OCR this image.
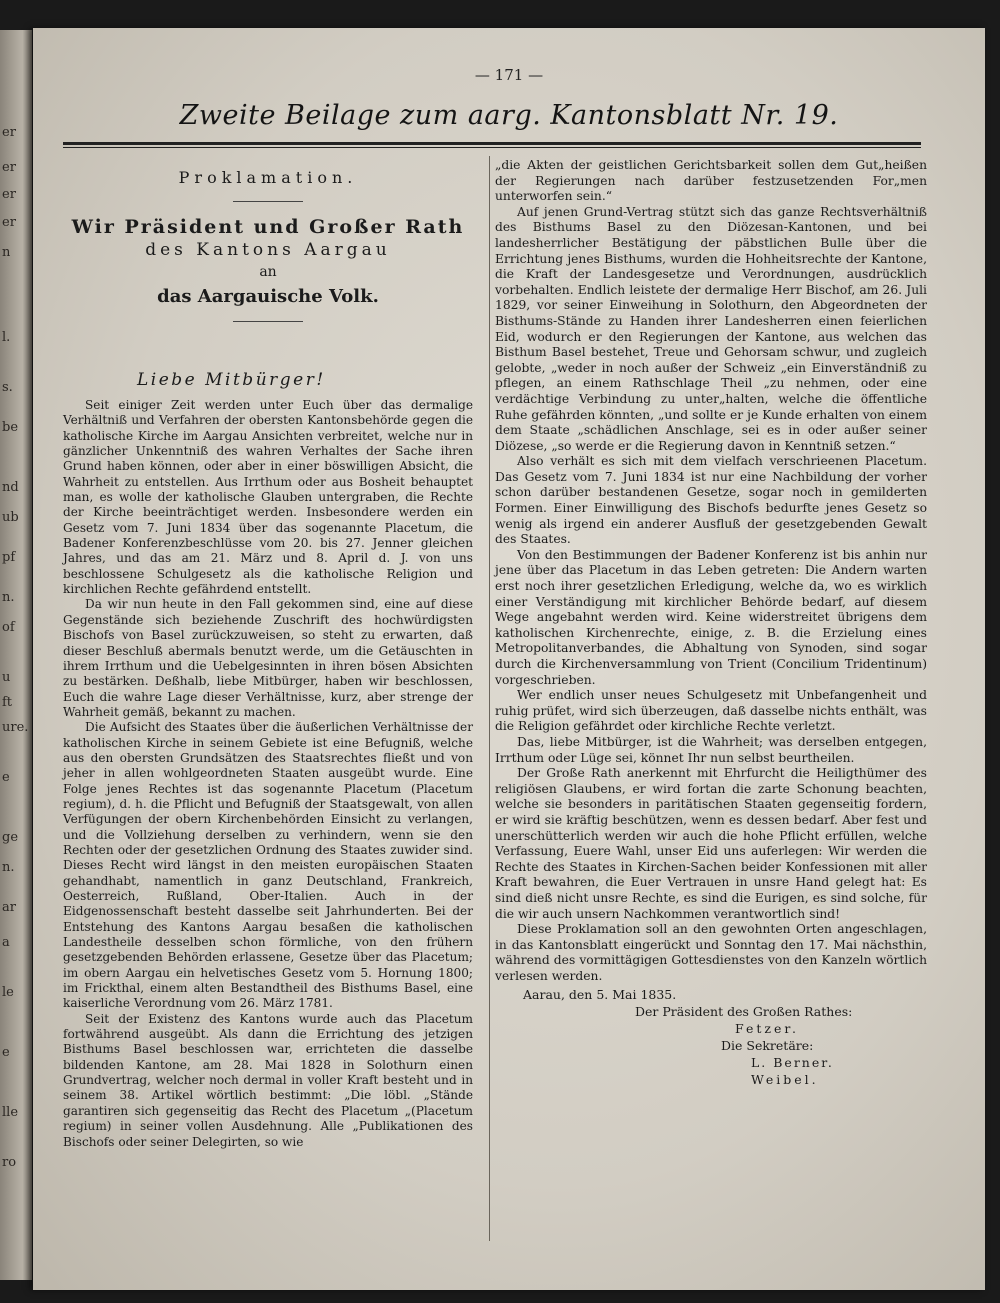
er
er
er
er
n
l.
s.
be
nd
ub
pf
n.
of
u
ft
ure.
e
ge
n.
ar
a
le
e
lle
ro
— 171 —
Zweite Beilage zum aarg. Kantonsblatt Nr. 19.
Proklamation.
Wir Präsident und Großer Rath
des Kantons Aargau
an
das Aargauische Volk.
Liebe Mitbürger!

Seit einiger Zeit werden unter Euch über das dermalige Verhältniß und Verfahren der obersten Kantonsbehörde gegen die katholische Kirche im Aargau Ansichten verbreitet, welche nur in gänzlicher Unkenntniß des wahren Verhaltes der Sache ihren Grund haben können, oder aber in einer böswilligen Absicht, die Wahrheit zu entstellen. Aus Irrthum oder aus Bosheit behauptet man, es wolle der katholische Glauben untergraben, die Rechte der Kirche beeinträchtiget werden. Insbesondere werden ein Gesetz vom 7. Juni 1834 über das sogenannte Placetum, die Badener Konferenzbeschlüsse vom 20. bis 27. Jenner gleichen Jahres, und das am 21. März und 8. April d. J. von uns beschlossene Schulgesetz als die katholische Religion und kirchlichen Rechte gefährdend entstellt.

Da wir nun heute in den Fall gekommen sind, eine auf diese Gegenstände sich beziehende Zuschrift des hochwürdigsten Bischofs von Basel zurückzuweisen, so steht zu erwarten, daß dieser Beschluß abermals benutzt werde, um die Getäuschten in ihrem Irrthum und die Uebelgesinnten in ihren bösen Absichten zu bestärken. Deßhalb, liebe Mitbürger, haben wir beschlossen, Euch die wahre Lage dieser Verhältnisse, kurz, aber strenge der Wahrheit gemäß, bekannt zu machen.

Die Aufsicht des Staates über die äußerlichen Verhältnisse der katholischen Kirche in seinem Gebiete ist eine Befugniß, welche aus den obersten Grundsätzen des Staatsrechtes fließt und von jeher in allen wohlgeordneten Staaten ausgeübt wurde. Eine Folge jenes Rechtes ist das sogenannte Placetum (Placetum regium), d. h. die Pflicht und Befugniß der Staatsgewalt, von allen Verfügungen der obern Kirchenbehörden Einsicht zu verlangen, und die Vollziehung derselben zu verhindern, wenn sie den Rechten oder der gesetzlichen Ordnung des Staates zuwider sind. Dieses Recht wird längst in den meisten europäischen Staaten gehandhabt, namentlich in ganz Deutschland, Frankreich, Oesterreich, Rußland, Ober-Italien. Auch in der Eidgenossenschaft besteht dasselbe seit Jahrhunderten. Bei der Entstehung des Kantons Aargau besaßen die katholischen Landestheile desselben schon förmliche, von den frühern gesetzgebenden Behörden erlassene, Gesetze über das Placetum; im obern Aargau ein helvetisches Gesetz vom 5. Hornung 1800; im Frickthal, einem alten Bestandtheil des Bisthums Basel, eine kaiserliche Verordnung vom 26. März 1781.

Seit der Existenz des Kantons wurde auch das Placetum fortwährend ausgeübt. Als dann die Errichtung des jetzigen Bisthums Basel beschlossen war, errichteten die dasselbe bildenden Kantone, am 28. Mai 1828 in Solothurn einen Grundvertrag, welcher noch dermal in voller Kraft besteht und in seinem 38. Artikel wörtlich bestimmt: „Die löbl. „Stände garantiren sich gegenseitig das Recht des Placetum „(Placetum regium) in seiner vollen Ausdehnung. Alle „Publikationen des Bischofs oder seiner Delegirten, so wie

„die Akten der geistlichen Gerichtsbarkeit sollen dem Gut„heißen der Regierungen nach darüber festzusetzenden For„men unterworfen sein.“

Auf jenen Grund-Vertrag stützt sich das ganze Rechtsverhältniß des Bisthums Basel zu den Diözesan-Kantonen, und bei landesherrlicher Bestätigung der päbstlichen Bulle über die Errichtung jenes Bisthums, wurden die Hohheitsrechte der Kantone, die Kraft der Landesgesetze und Verordnungen, ausdrücklich vorbehalten. Endlich leistete der dermalige Herr Bischof, am 26. Juli 1829, vor seiner Einweihung in Solothurn, den Abgeordneten der Bisthums-Stände zu Handen ihrer Landesherren einen feierlichen Eid, wodurch er den Regierungen der Kantone, aus welchen das Bisthum Basel bestehet, Treue und Gehorsam schwur, und zugleich gelobte, „weder in noch außer der Schweiz „ein Einverständniß zu pflegen, an einem Rathschlage Theil „zu nehmen, oder eine verdächtige Verbindung zu unter„halten, welche die öffentliche Ruhe gefährden könnten, „und sollte er je Kunde erhalten von einem dem Staate „schädlichen Anschlage, sei es in oder außer seiner Diözese, „so werde er die Regierung davon in Kenntniß setzen.“

Also verhält es sich mit dem vielfach verschrieenen Placetum. Das Gesetz vom 7. Juni 1834 ist nur eine Nachbildung der vorher schon darüber bestandenen Gesetze, sogar noch in gemilderten Formen. Einer Einwilligung des Bischofs bedurfte jenes Gesetz so wenig als irgend ein anderer Ausfluß der gesetzgebenden Gewalt des Staates.

Von den Bestimmungen der Badener Konferenz ist bis anhin nur jene über das Placetum in das Leben getreten: Die Andern warten erst noch ihrer gesetzlichen Erledigung, welche da, wo es wirklich einer Verständigung mit kirchlicher Behörde bedarf, auf diesem Wege angebahnt werden wird. Keine widerstreitet übrigens dem katholischen Kirchenrechte, einige, z. B. die Erzielung eines Metropolitanverbandes, die Abhaltung von Synoden, sind sogar durch die Kirchenversammlung von Trient (Concilium Tridentinum) vorgeschrieben.

Wer endlich unser neues Schulgesetz mit Unbefangenheit und ruhig prüfet, wird sich überzeugen, daß dasselbe nichts enthält, was die Religion gefährdet oder kirchliche Rechte verletzt.

Das, liebe Mitbürger, ist die Wahrheit; was derselben entgegen, Irrthum oder Lüge sei, könnet Ihr nun selbst beurtheilen.

Der Große Rath anerkennt mit Ehrfurcht die Heiligthümer des religiösen Glaubens, er wird fortan die zarte Schonung beachten, welche sie besonders in paritätischen Staaten gegenseitig fordern, er wird sie kräftig beschützen, wenn es dessen bedarf. Aber fest und unerschütterlich werden wir auch die hohe Pflicht erfüllen, welche Verfassung, Euere Wahl, unser Eid uns auferlegen: Wir werden die Rechte des Staates in Kirchen-Sachen beider Konfessionen mit aller Kraft bewahren, die Euer Vertrauen in unsre Hand gelegt hat: Es sind dieß nicht unsre Rechte, es sind die Eurigen, es sind solche, für die wir auch unsern Nachkommen verantwortlich sind!

Diese Proklamation soll an den gewohnten Orten angeschlagen, in das Kantonsblatt eingerückt und Sonntag den 17. Mai nächsthin, während des vormittägigen Gottesdienstes von den Kanzeln wörtlich verlesen werden.

Aarau, den 5. Mai 1835.
Der Präsident des Großen Rathes:
Fetzer.
Die Sekretäre:
L. Berner.
Weibel.
